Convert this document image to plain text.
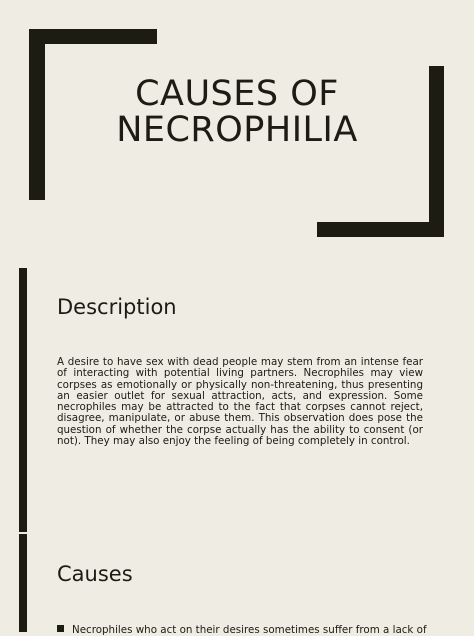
CAUSES OF
NECROPHILIA
Description

A desire to have sex with dead people may stem from an intense fear of interacting with potential living partners. Necrophiles may view corpses as emotionally or physically non-threatening, thus presenting an easier outlet for sexual attraction, acts, and expression. Some necrophiles may be attracted to the fact that corpses cannot reject, disagree, manipulate, or abuse them. This observation does pose the question of whether the corpse actually has the ability to consent (or not). They may also enjoy the feeling of being completely in control.

Causes

Necrophiles who act on their desires sometimes suffer from a lack of
